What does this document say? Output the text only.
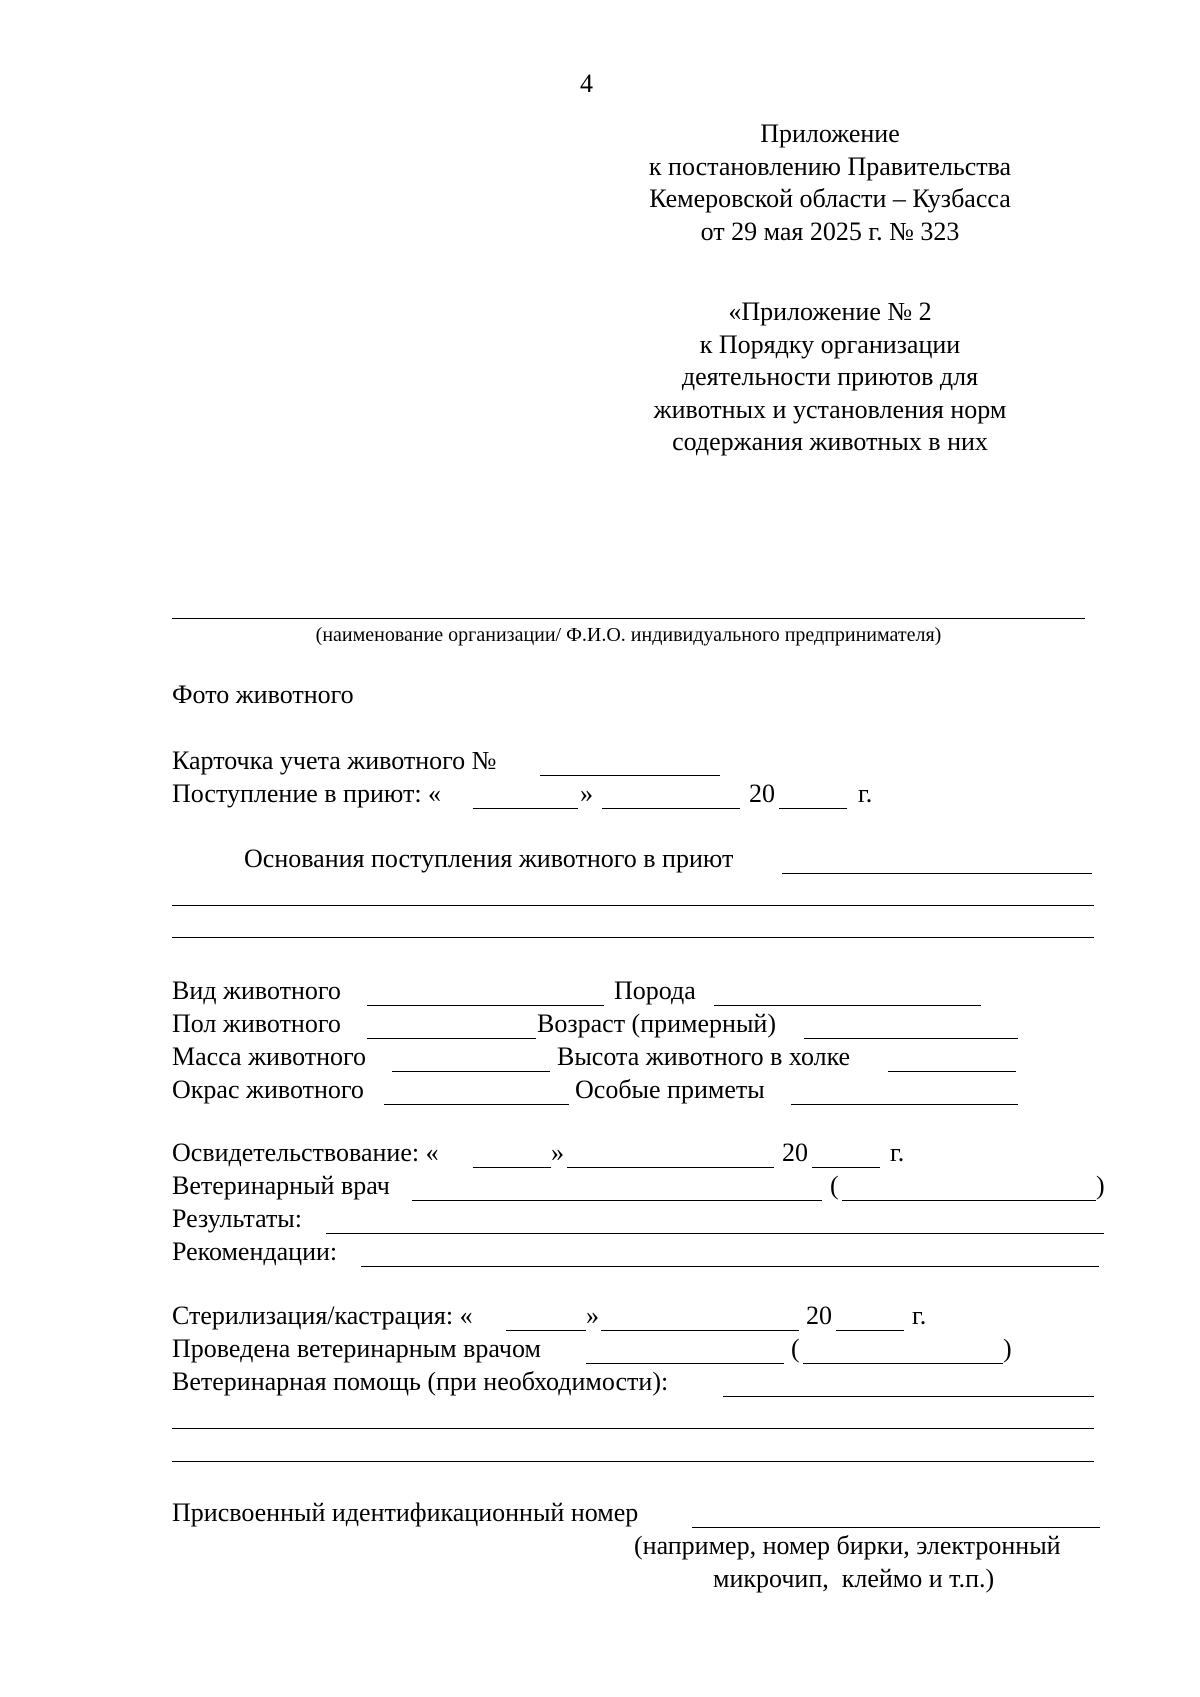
4
Приложение
к постановлению Правительства
Кемеровской области – Кузбасса
от 29 мая 2025 г. № 323
«Приложение № 2
к Порядку организации
деятельности приютов для
животных и установления норм
содержания животных в них
(наименование организации/ Ф.И.О. индивидуального предпринимателя)
Фото животного
Карточка учета животного №
Поступление в приют: «	»	20	г.
Основания поступления животного в приют
Вид животного	Порода
Пол животного	Возраст (примерный)
Масса животного	Высота животного в холке
Окрас животного	Особые приметы
Освидетельствование: «	»	20	г.
Ветеринарный врач	(	)
Результаты:
Рекомендации:
Стерилизация/кастрация: «	»	20	г.
Проведена ветеринарным врачом	(	)
Ветеринарная помощь (при необходимости):
Присвоенный идентификационный номер
(например, номер бирки, электронный
микрочип,  клеймо и т.п.)
